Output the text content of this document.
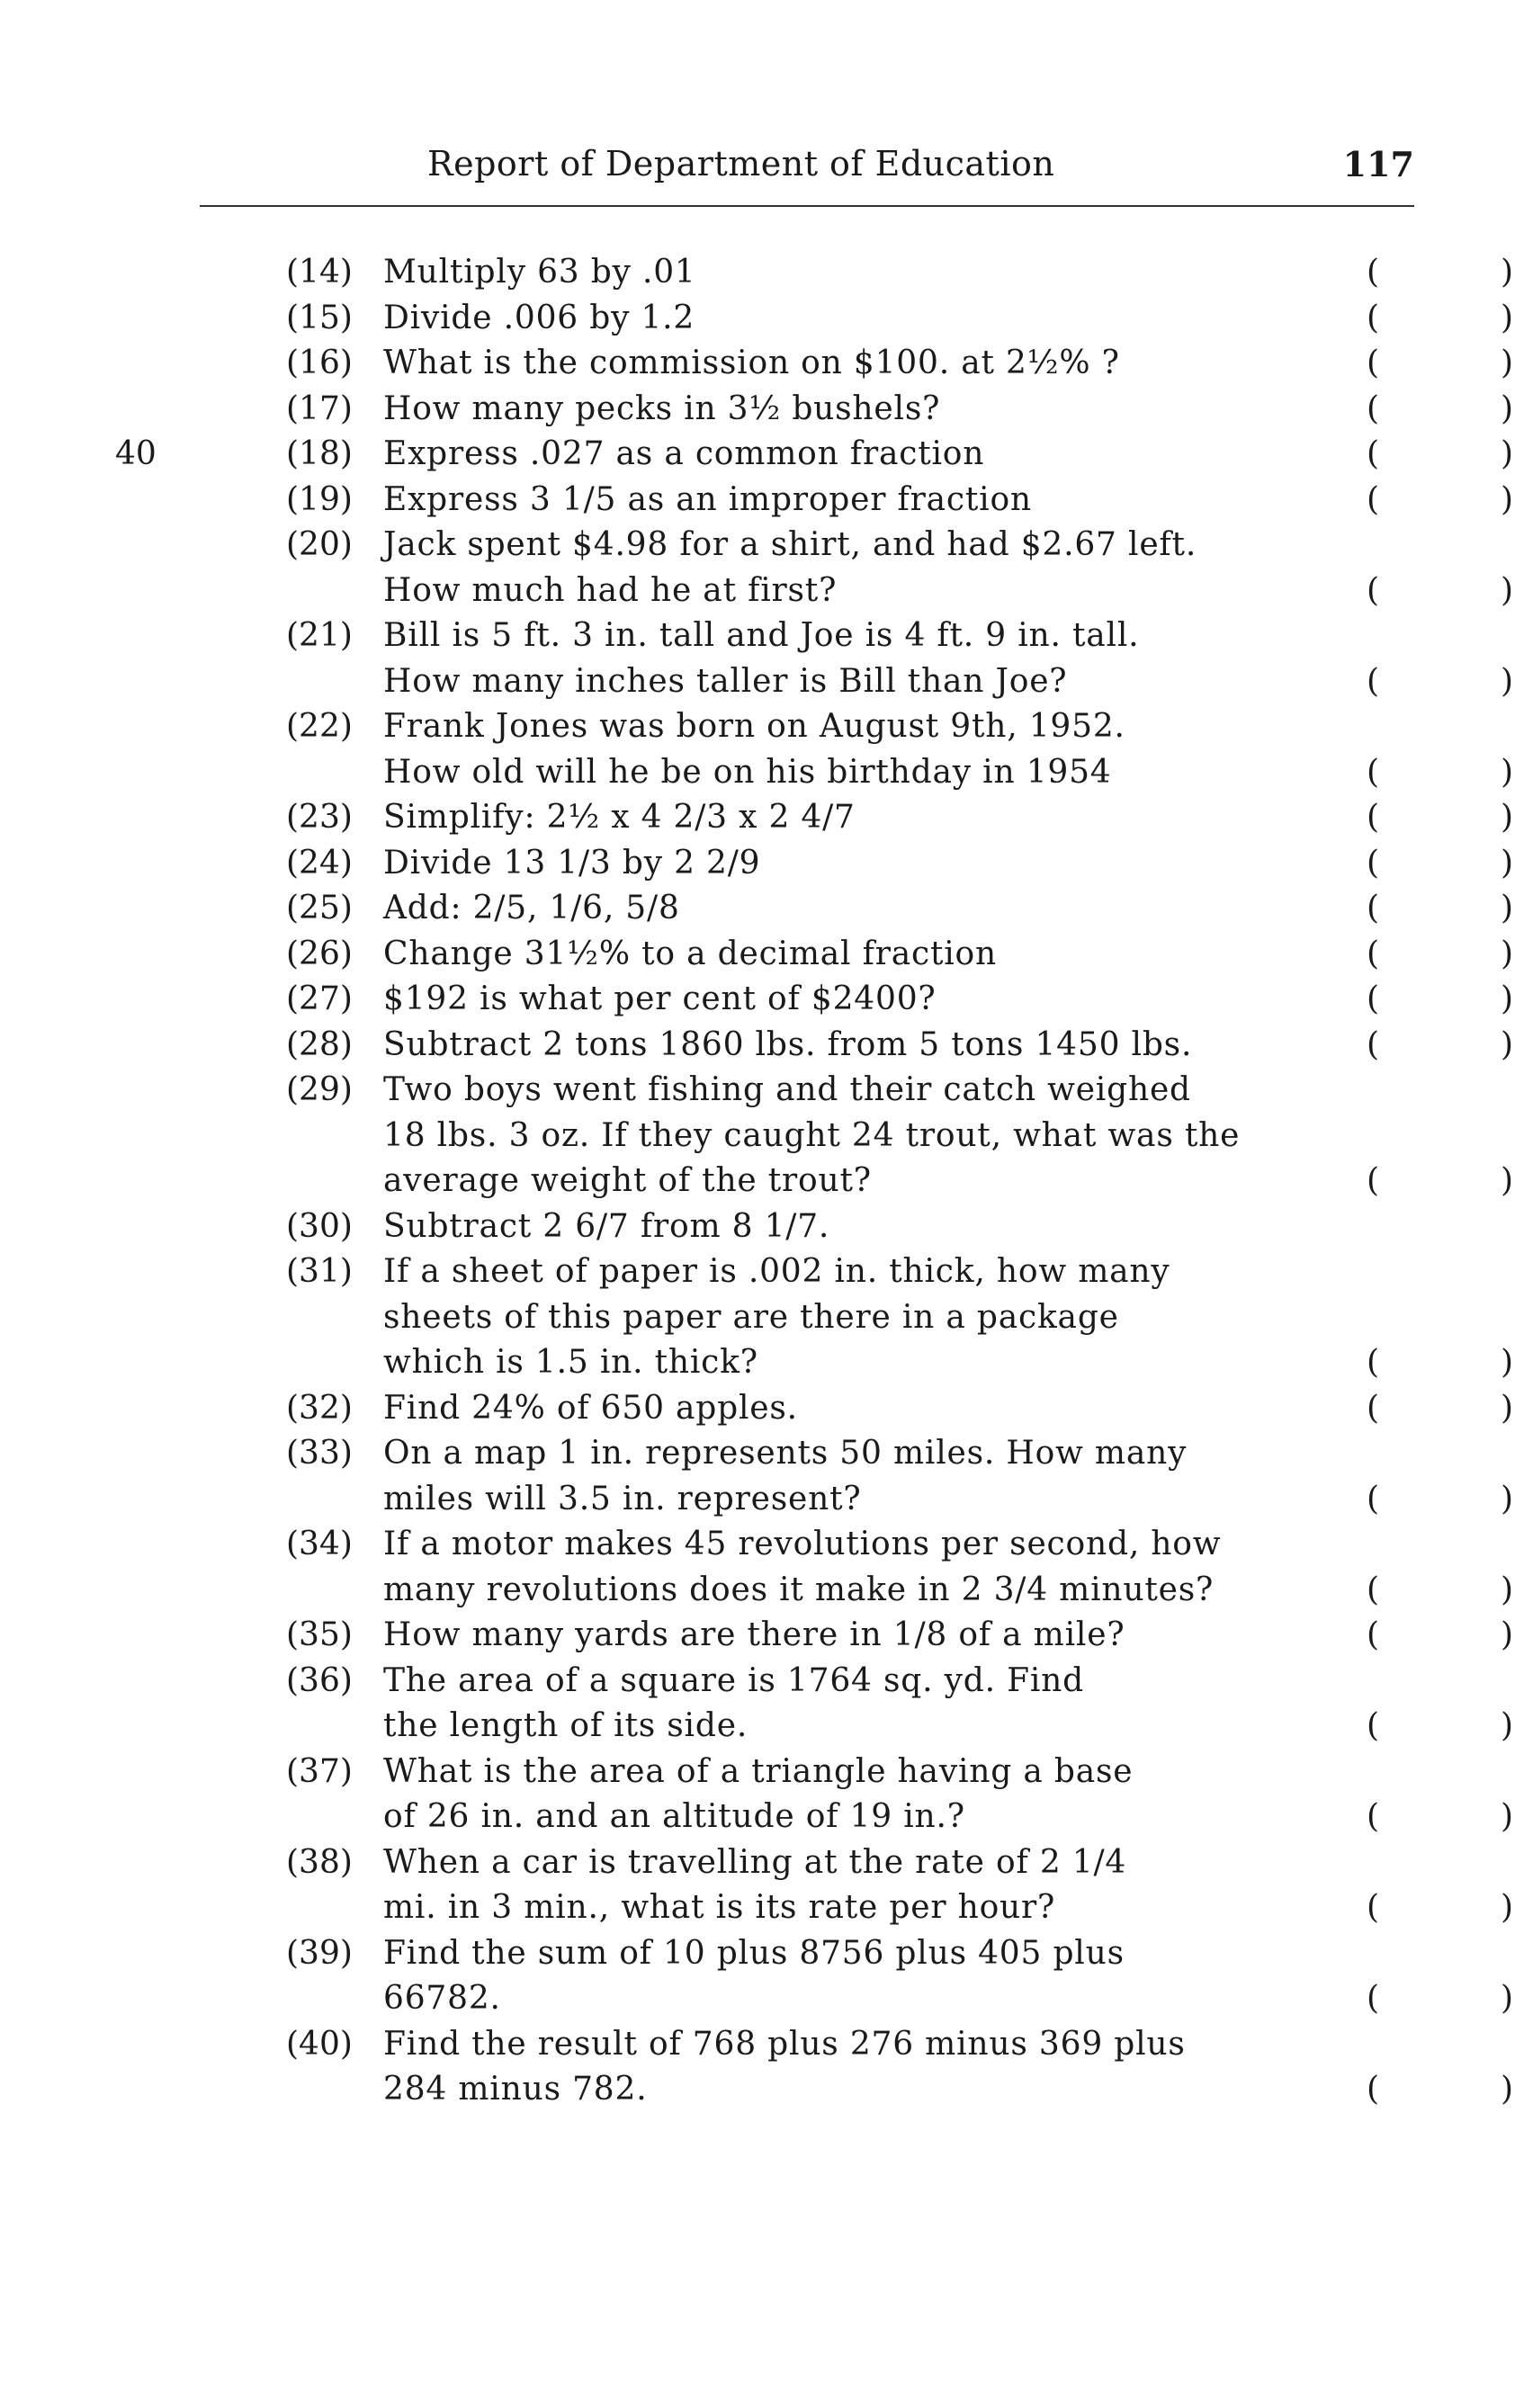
Report of Department of Education	117
40
(14) Multiply 63 by .01	(	)
(15) Divide .006 by 1.2	(	)
(16) What is the commission on $100. at 2½% ?	(	)
(17) How many pecks in 3½ bushels?	(	)
(18) Express .027 as a common fraction	(	)
(19) Express 3 1/5 as an improper fraction	(	)
(20) Jack spent $4.98 for a shirt, and had $2.67 left.
How much had he at first?	(	)
(21) Bill is 5 ft. 3 in. tall and Joe is 4 ft. 9 in. tall.
How many inches taller is Bill than Joe?	(	)
(22) Frank Jones was born on August 9th, 1952.
How old will he be on his birthday in 1954	(	)
(23) Simplify: 2½ x 4 2/3 x 2 4/7	(	)
(24) Divide 13 1/3 by 2 2/9	(	)
(25) Add: 2/5, 1/6, 5/8	(	)
(26) Change 31½% to a decimal fraction	(	)
(27) $192 is what per cent of $2400?	(	)
(28) Subtract 2 tons 1860 lbs. from 5 tons 1450 lbs.	(	)
(29) Two boys went fishing and their catch weighed
18 lbs. 3 oz. If they caught 24 trout, what was the
average weight of the trout?	(	)
(30) Subtract 2 6/7 from 8 1/7.
(31) If a sheet of paper is .002 in. thick, how many
sheets of this paper are there in a package
which is 1.5 in. thick?	(	)
(32) Find 24% of 650 apples.	(	)
(33) On a map 1 in. represents 50 miles. How many
miles will 3.5 in. represent?	(	)
(34) If a motor makes 45 revolutions per second, how
many revolutions does it make in 2 3/4 minutes?	(	)
(35) How many yards are there in 1/8 of a mile?	(	)
(36) The area of a square is 1764 sq. yd. Find
the length of its side.	(	)
(37) What is the area of a triangle having a base
of 26 in. and an altitude of 19 in.?	(	)
(38) When a car is travelling at the rate of 2 1/4
mi. in 3 min., what is its rate per hour?	(	)
(39) Find the sum of 10 plus 8756 plus 405 plus
66782.	(	)
(40) Find the result of 768 plus 276 minus 369 plus
284 minus 782.	(	)
